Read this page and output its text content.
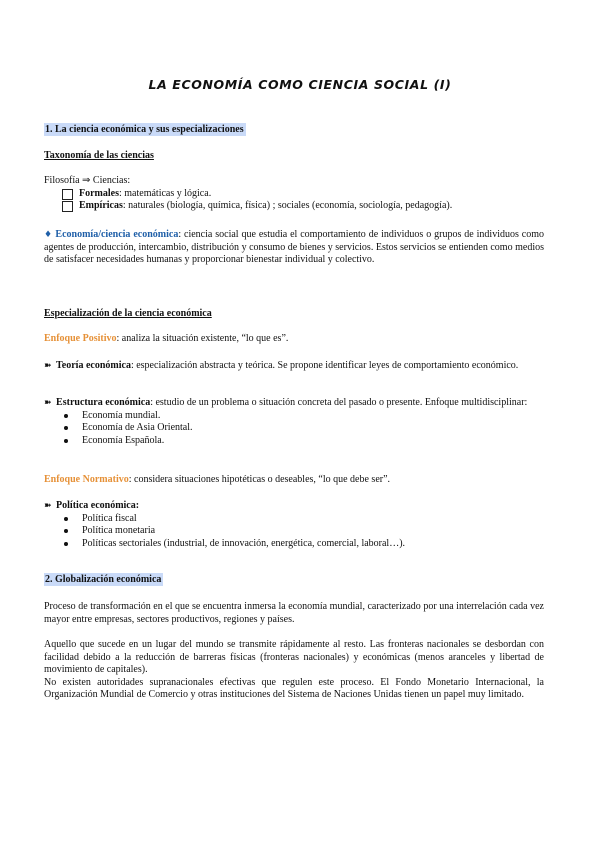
LA ECONOMÍA COMO CIENCIA SOCIAL (I)
1. La ciencia económica y sus especializaciones
Taxonomía de las ciencias
Filosofía ⇒ Ciencias:
Formales: matemáticas y lógica.
Empíricas: naturales (biología, química, física) ; sociales (economía, sociología, pedagogía).
♦ Economía/ciencia económica: ciencia social que estudia el comportamiento de individuos o grupos de individuos como agentes de producción, intercambio, distribución y consumo de bienes y servicios. Estos servicios se entienden como medios de satisfacer necesidades humanas y proporcionar bienestar individual y colectivo.
Especialización de la ciencia económica
Enfoque Positivo: analiza la situación existente, “lo que es”.
➽ Teoría económica: especialización abstracta y teórica. Se propone identificar leyes de comportamiento económico.
➽ Estructura económica: estudio de un problema o situación concreta del pasado o presente. Enfoque multidisciplinar:
Economía mundial.
Economía de Asia Oriental.
Economía Española.
Enfoque Normativo: considera situaciones hipotéticas o deseables, “lo que debe ser”.
➽ Política económica:
Política fiscal
Política monetaria
Políticas sectoriales (industrial, de innovación, energética, comercial, laboral…).
2. Globalización económica
Proceso de transformación en el que se encuentra inmersa la economía mundial, caracterizado por una interrelación cada vez mayor entre empresas, sectores productivos, regiones y países.
Aquello que sucede en un lugar del mundo se transmite rápidamente al resto. Las fronteras nacionales se desbordan con facilidad debido a la reducción de barreras físicas (fronteras nacionales) y económicas (menos aranceles y libertad de movimiento de capitales).
No existen autoridades supranacionales efectivas que regulen este proceso. El Fondo Monetario Internacional, la Organización Mundial de Comercio y otras instituciones del Sistema de Naciones Unidas tienen un papel muy limitado.
